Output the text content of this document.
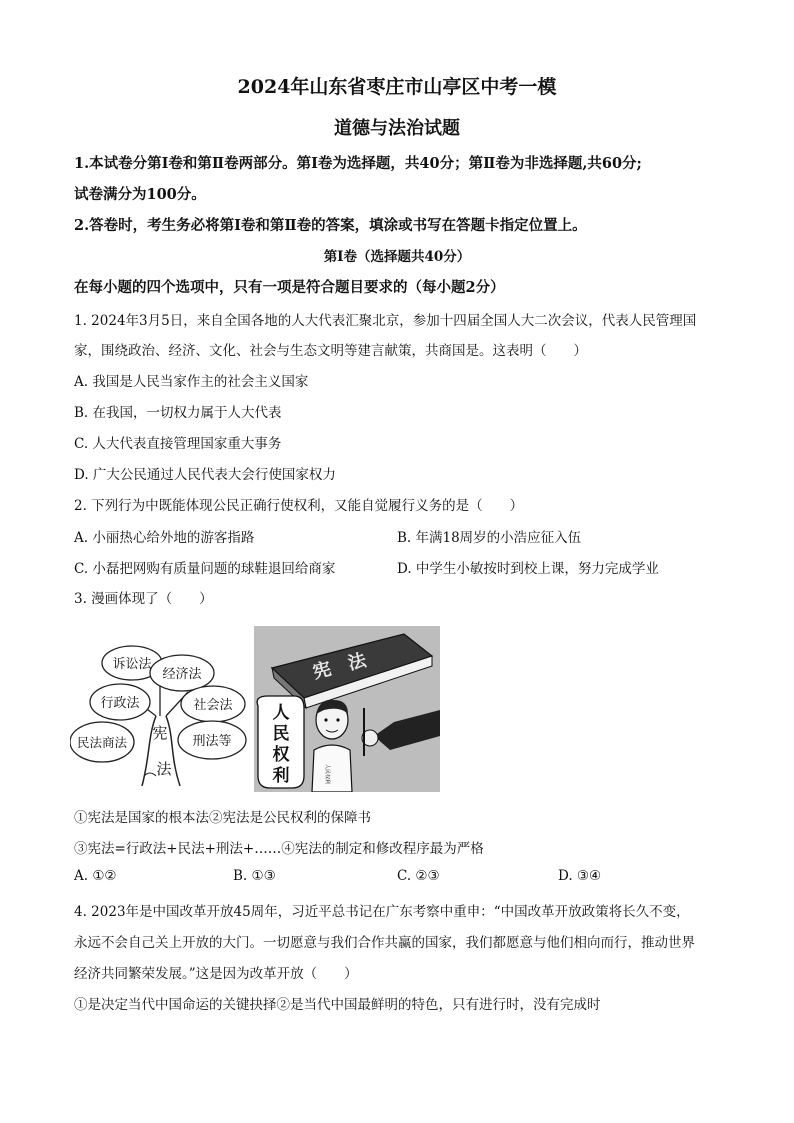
2024年山东省枣庄市山亭区中考一模
道德与法治试题
1.本试卷分第Ⅰ卷和第Ⅱ卷两部分。第Ⅰ卷为选择题，共40分；第Ⅱ卷为非选择题,共60分;
试卷满分为100分。
2.答卷时，考生务必将第Ⅰ卷和第Ⅱ卷的答案，填涂或书写在答题卡指定位置上。
第Ⅰ卷（选择题共40分）
在每小题的四个选项中，只有一项是符合题目要求的（每小题2分）
1. 2024年3月5日，来自全国各地的人大代表汇聚北京，参加十四届全国人大二次会议，代表人民管理国
家，围绕政治、经济、文化、社会与生态文明等建言献策，共商国是。这表明（　　）
A. 我国是人民当家作主的社会主义国家
B. 在我国，一切权力属于人大代表
C. 人大代表直接管理国家重大事务
D. 广大公民通过人民代表大会行使国家权力
2. 下列行为中既能体现公民正确行使权利，又能自觉履行义务的是（　　）
A. 小丽热心给外地的游客指路	B. 年满18周岁的小浩应征入伍
C. 小磊把网购有质量问题的球鞋退回给商家	D. 中学生小敏按时到校上课，努力完成学业
3. 漫画体现了（　　）
诉讼法
经济法
行政法	社会法
民法商法	刑法等
宪
法
宪　法
人
民
权
利	人民权利
①宪法是国家的根本法②宪法是公民权利的保障书
③宪法=行政法+民法+刑法+……④宪法的制定和修改程序最为严格
A. ①②	B. ①③	C. ②③	D. ③④
4. 2023年是中国改革开放45周年，习近平总书记在广东考察中重申：“中国改革开放政策将长久不变，
永远不会自己关上开放的大门。一切愿意与我们合作共赢的国家，我们都愿意与他们相向而行，推动世界
经济共同繁荣发展。”这是因为改革开放（　　）
①是决定当代中国命运的关键抉择②是当代中国最鲜明的特色，只有进行时，没有完成时
